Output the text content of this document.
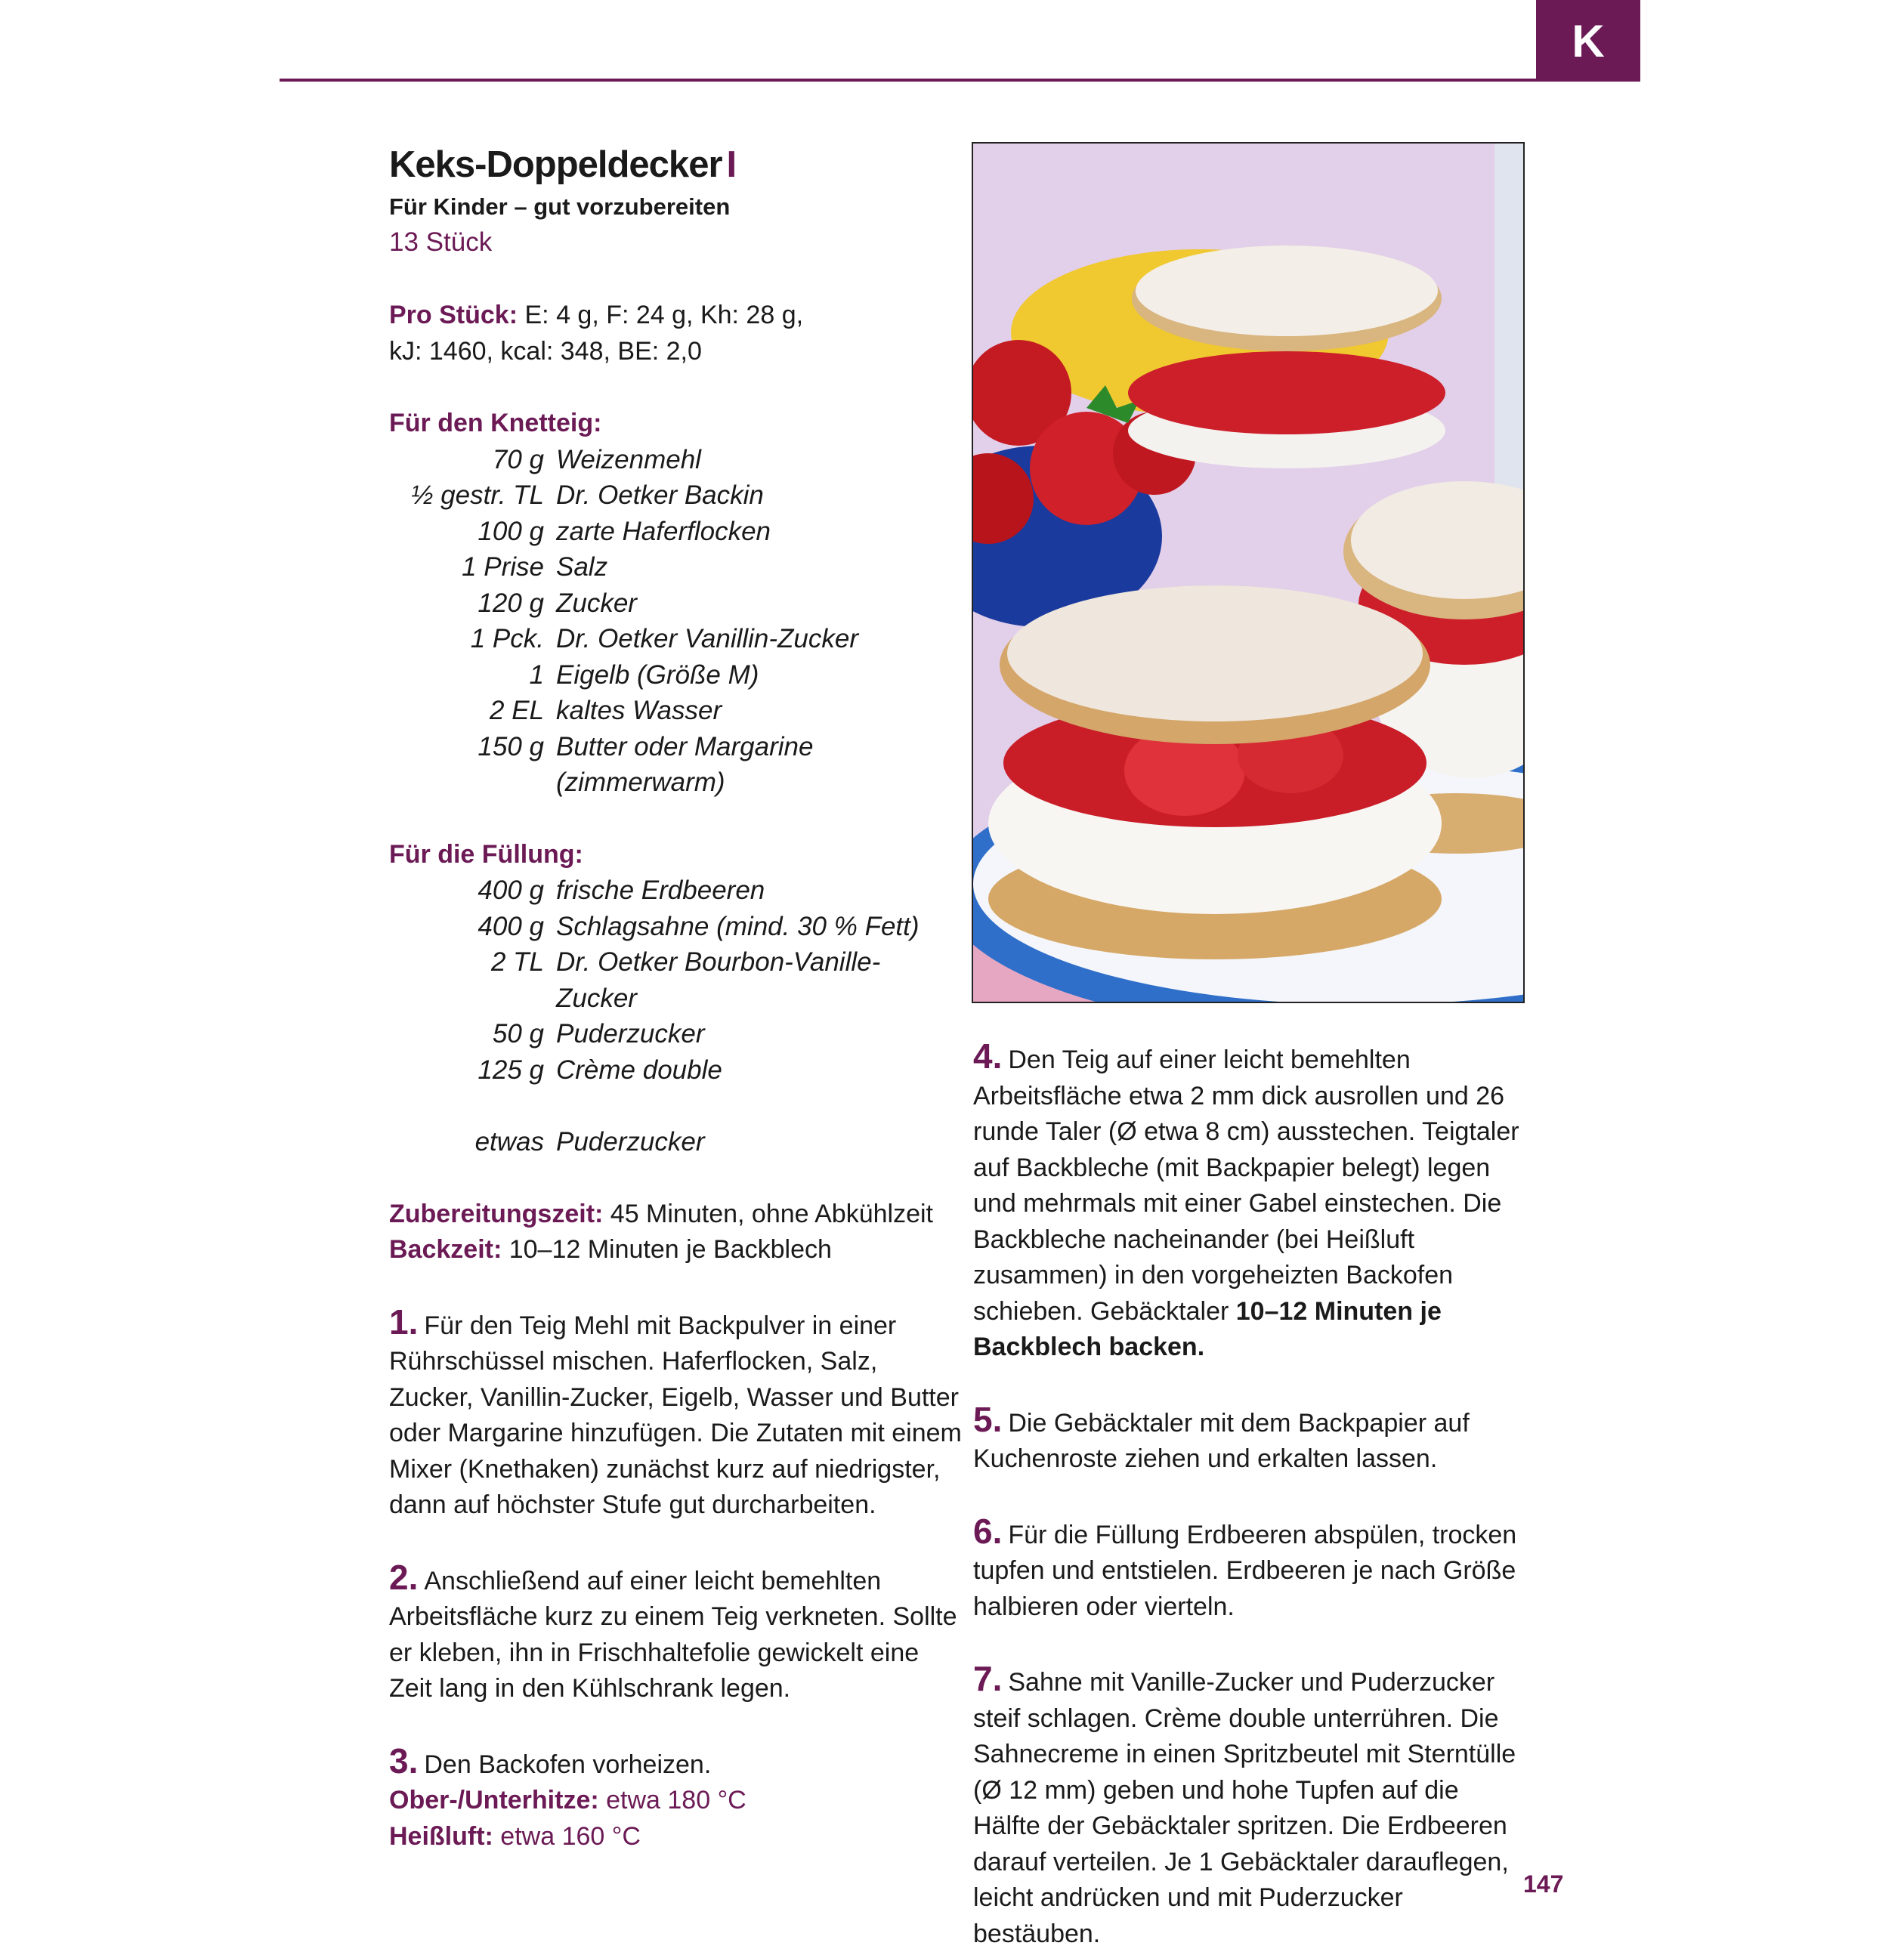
K
Keks-Doppeldecker I

Für Kinder – gut vorzubereiten

13 Stück

Pro Stück: E: 4 g, F: 24 g, Kh: 28 g,

kJ: 1460, kcal: 348, BE: 2,0

Für den Knetteig:

70 g Weizenmehl
½ gestr. TL Dr. Oetker Backin
100 g zarte Haferflocken
1 Prise Salz
120 g Zucker
1 Pck. Dr. Oetker Vanillin-Zucker
1 Eigelb (Größe M)
2 EL kaltes Wasser
150 g Butter oder Margarine
(zimmerwarm)

Für die Füllung:

400 g frische Erdbeeren
400 g Schlagsahne (mind. 30 % Fett)
2 TL Dr. Oetker Bourbon-Vanille-
Zucker
50 g Puderzucker
125 g Crème double
etwas Puderzucker

Zubereitungszeit: 45 Minuten, ohne Abkühlzeit

Backzeit: 10–12 Minuten je Backblech

1. Für den Teig Mehl mit Backpulver in einer Rührschüssel mischen. Haferflocken, Salz, Zucker, Vanillin-Zucker, Eigelb, Wasser und Butter oder Margarine hinzufügen. Die Zutaten mit einem Mixer (Knethaken) zunächst kurz auf niedrigster, dann auf höchster Stufe gut durcharbeiten.

2. Anschließend auf einer leicht bemehlten Arbeitsfläche kurz zu einem Teig verkneten. Sollte er kleben, ihn in Frischhaltefolie gewickelt eine Zeit lang in den Kühlschrank legen.

3. Den Backofen vorheizen.

Ober-/Unterhitze: etwa 180 °C

Heißluft: etwa 160 °C

4. Den Teig auf einer leicht bemehlten Arbeitsfläche etwa 2 mm dick ausrollen und 26 runde Taler (Ø etwa 8 cm) ausstechen. Teigtaler auf Backbleche (mit Backpapier belegt) legen und mehrmals mit einer Gabel einstechen. Die Backbleche nacheinander (bei Heißluft zusammen) in den vorgeheizten Backofen schieben. Gebäcktaler 10–12 Minuten je Backblech backen.

5. Die Gebäcktaler mit dem Backpapier auf Kuchenroste ziehen und erkalten lassen.

6. Für die Füllung Erdbeeren abspülen, trocken tupfen und entstielen. Erdbeeren je nach Größe halbieren oder vierteln.

7. Sahne mit Vanille-Zucker und Puderzucker steif schlagen. Crème double unterrühren. Die Sahnecreme in einen Spritzbeutel mit Sterntülle (Ø 12 mm) geben und hohe Tupfen auf die Hälfte der Gebäcktaler spritzen. Die Erdbeeren darauf verteilen. Je 1 Gebäcktaler darauflegen, leicht andrücken und mit Puderzucker bestäuben.

147
